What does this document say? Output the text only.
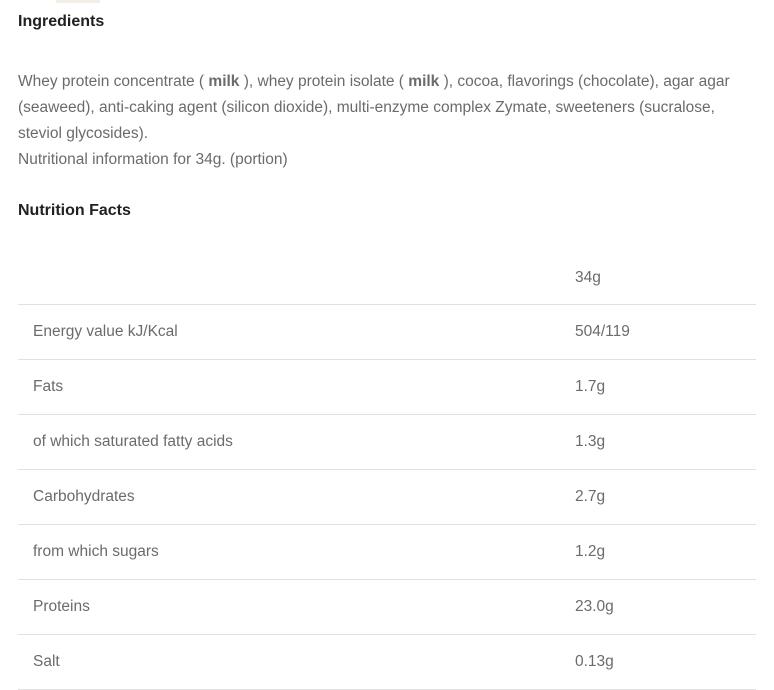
Ingredients

Whey protein concentrate ( milk ), whey protein isolate ( milk ), cocoa, flavorings (chocolate), agar agar (seaweed), anti-caking agent (silicon dioxide), multi-enzyme complex Zymate, sweeteners (sucralose, steviol glycosides).

Nutritional information for 34g. (portion)

Nutrition Facts
	34g
Energy value kJ/Kcal	504/119
Fats	1.7g
of which saturated fatty acids	1.3g
Carbohydrates	2.7g
from which sugars	1.2g
Proteins	23.0g
Salt	0.13g
